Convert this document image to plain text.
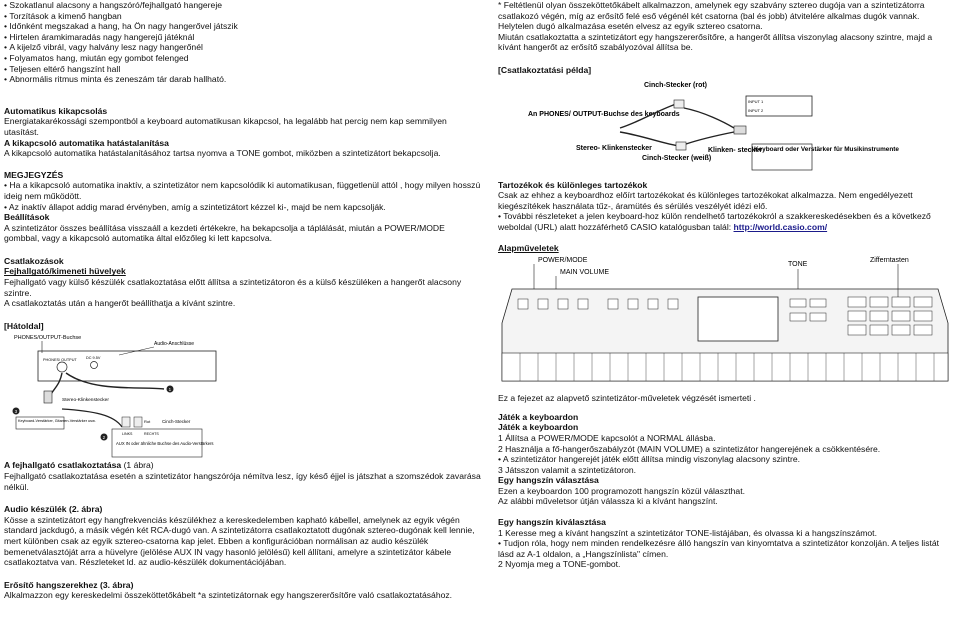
• Szokatlanul alacsony a hangszóró/fejhallgató hangereje
• Torzítások a kimenő hangban
• Időnként megszakad a hang, ha Ön nagy hangerővel játszik
• Hirtelen áramkimaradás nagy hangerejű játéknál
• A kijelző vibrál, vagy halvány lesz nagy hangerőnél
• Folyamatos hang, miután egy gombot felenged
• Teljesen eltérő hangszínt hall
• Abnormális ritmus minta és zeneszám tár darab hallható.

Automatikus kikapcsolás

Energiatakarékossági szempontból a keyboard automatikusan kikapcsol, ha legalább hat percig nem kap semmilyen utasítást.

A kikapcsoló automatika hatástalanítása

A kikapcsoló automatika hatástalanításához tartsa nyomva a TONE gombot, miközben a szintetizátort bekapcsolja.

MEGJEGYZÉS

• Ha a kikapcsoló automatika inaktív, a szintetizátor nem kapcsolódik ki automatikusan, függetlenül attól , hogy milyen hosszú ideig nem működött.

• Az inaktív állapot addig marad érvényben, amíg a szintetizátort kézzel ki-, majd be nem kapcsolják.

Beállítások

A szintetizátor összes beállítása visszaáll a kezdeti értékekre, ha bekapcsolja a táplálását, miután a POWER/MODE gombbal, vagy a kikapcsoló automatika által előzőleg ki lett kapcsolva.

Csatlakozások

Fejhallgató/kimeneti hüvelyek

Fejhallgató vagy külső készülék csatlakoztatása előtt állítsa a szintetizátoron és a külső készüléken a hangerőt alacsony szintre.

A csatlakoztatás után a hangerőt beállíthatja a kívánt szintre.

[Hátoldal]

PHONES/OUTPUT-Buchse
PHONES/ OUTPUT DC 9.5V
Audio-Anschlüsse
Stereo-Klinkenstecker
1
3
Keyboard-Verstärker, Gitarren-Verstärker usw.
2
Rot	Cinch-Stecker
LINKS	RECHTS
AUX IN oder ähnliche Buchse des Audio-Verstärkers

A fejhallgató csatlakoztatása (1 ábra)

Fejhallgató csatlakoztatása esetén a szintetizátor hangszórója némítva lesz, így késő éjjel is játszhat a szomszédok zavarása nélkül.

Audio készülék (2. ábra)

Kösse a szintetizátort egy hangfrekvenciás készülékhez a kereskedelemben kapható kábellel, amelynek az egyik végén standard jackdugó, a másik végén két RCA-dugó van. A szintetizátorra csatlakoztatott dugónak sztereo-dugónak kell lennie, mert különben csak az egyik sztereo-csatorna kap jelet. Ebben a konfigurációban normálisan az audio készülék bemenetválasztóját arra a hüvelyre (jelölése AUX IN vagy hasonló jelölésű) kell állítani, amelyre a szintetizátor kábele csatlakoztatva van. Részleteket ld. az audio-készülék dokumentációjában.

Erősítő hangszerekhez (3. ábra)

Alkalmazzon egy kereskedelmi összeköttetőkábelt *a szintetizátornak egy hangszererősítőre való csatlakoztatásához.

* Feltétlenül olyan összeköttetőkábelt alkalmazzon, amelynek egy szabvány sztereo dugója van a szintetizátorra csatlakozó végén, míg az erősítő felé eső végénél két csatorna (bal és jobb) átvitelére alkalmas dugók vannak. Helytelen dugó alkalmazása esetén elvesz az egyik sztereo csatorna.

Miután csatlakoztatta a szintetizátort egy hangszererősítőre, a hangerőt állítsa viszonylag alacsony szintre, majd a kívánt hangerőt az erősítő szabályozóval állítsa be.

[Csatlakoztatási példa]

Cinch-Stecker (rot)
An PHONES/ OUTPUT-Buchse des keyboards
INPUT 1
INPUT 2
Stereo- Klinkenstecker
Cinch-Stecker (weiß)
Klinken- stecker
Keyboard oder Verstärker für Musikinstrumente

Tartozékok és különleges tartozékok

Csak az ehhez a keyboardhoz előírt tartozékokat és különleges tartozékokat alkalmazza. Nem engedélyezett kiegészítékek használata tűz-, áramütés és sérülés veszélyét idézi elő.

• További részleteket a jelen keyboard-hoz külön rendelhető tartozékokról a szakkereskedésekben és a következő weboldal (URL) alatt hozzáférhető CASIO katalógusban talál: http://world.casio.com/

Alapműveletek

POWER/MODE
MAIN VOLUME
TONE
Zifferntasten

Ez a fejezet az alapvető szintetizátor-műveletek végzését ismerteti .

Játék a keyboardon

Játék a keyboardon

1 Állítsa a POWER/MODE kapcsolót a NORMAL állásba.

2 Használja a fő-hangerőszabályzót (MAIN VOLUME) a szintetizátor hangerejének a csökkentésére.

• A szintetizátor hangerejét játék előtt állítsa mindig viszonylag alacsony szintre.

3 Játsszon valamit a szintetizátoron.

Egy hangszín választása

Ezen a keyboardon 100 programozott hangszín közül választhat.

Az alábbi műveletsor útján válassza ki a kívánt hangszínt.

Egy hangszín kiválasztása

1 Keresse meg a kívánt hangszínt a szintetizátor TONE-listájában, és olvassa ki a hangszínszámot.

• Tudjon róla, hogy nem minden rendelkezésre álló hangszín van kinyomtatva a szintetizátor konzolján. A teljes listát lásd az A-1 oldalon, a „Hangszínlista" címen.

2 Nyomja meg a TONE-gombot.
